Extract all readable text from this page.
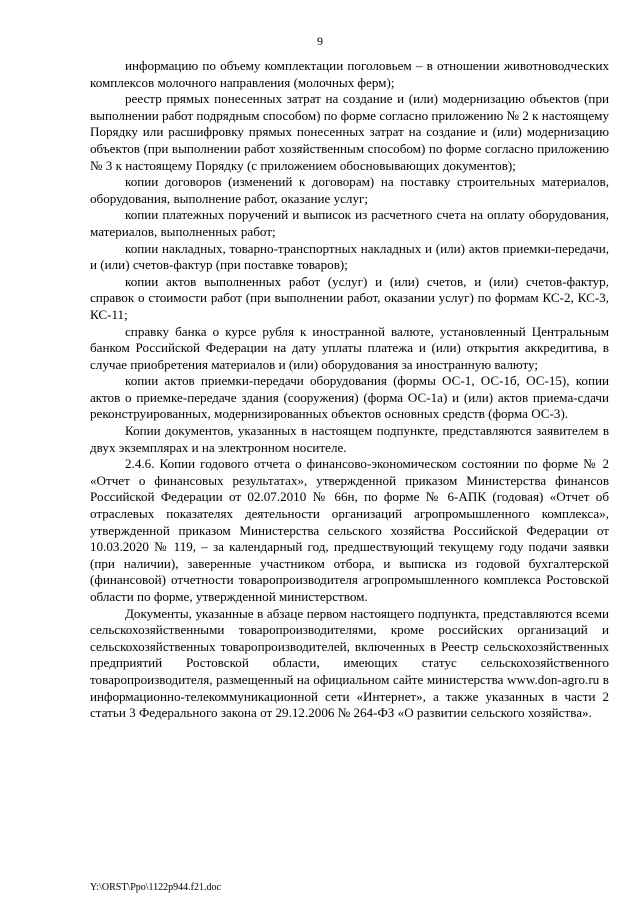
9

информацию по объему комплектации поголовьем – в отношении животноводческих комплексов молочного направления (молочных ферм);

реестр прямых понесенных затрат на создание и (или) модернизацию объектов (при выполнении работ подрядным способом) по форме согласно приложению № 2 к настоящему Порядку или расшифровку прямых понесенных затрат на создание и (или) модернизацию объектов (при выполнении работ хозяйственным способом) по форме согласно приложению № 3 к настоящему Порядку (с приложением обосновывающих документов);

копии договоров (изменений к договорам) на поставку строительных материалов, оборудования, выполнение работ, оказание услуг;

копии платежных поручений и выписок из расчетного счета на оплату оборудования, материалов, выполненных работ;

копии накладных, товарно-транспортных накладных и (или) актов приемки-передачи, и (или) счетов-фактур (при поставке товаров);

копии актов выполненных работ (услуг) и (или) счетов, и (или) счетов-фактур, справок о стоимости работ (при выполнении работ, оказании услуг) по формам КС-2, КС-3, КС-11;

справку банка о курсе рубля к иностранной валюте, установленный Центральным банком Российской Федерации на дату уплаты платежа и (или) открытия аккредитива, в случае приобретения материалов и (или) оборудования за иностранную валюту;

копии актов приемки-передачи оборудования (формы ОС-1, ОС-1б, ОС-15), копии актов о приемке-передаче здания (сооружения) (форма ОС-1а) и (или) актов приема-сдачи реконструированных, модернизированных объектов основных средств (форма ОС-3).

Копии документов, указанных в настоящем подпункте, представляются заявителем в двух экземплярах и на электронном носителе.

2.4.6. Копии годового отчета о финансово-экономическом состоянии по форме № 2 «Отчет о финансовых результатах», утвержденной приказом Министерства финансов Российской Федерации от 02.07.2010 № 66н, по форме № 6-АПК (годовая) «Отчет об отраслевых показателях деятельности организаций агропромышленного комплекса», утвержденной приказом Министерства сельского хозяйства Российской Федерации от 10.03.2020 № 119, – за календарный год, предшествующий текущему году подачи заявки (при наличии), заверенные участником отбора, и выписка из годовой бухгалтерской (финансовой) отчетности товаропроизводителя агропромышленного комплекса Ростовской области по форме, утвержденной министерством.

Документы, указанные в абзаце первом настоящего подпункта, представляются всеми сельскохозяйственными товаропроизводителями, кроме российских организаций и сельскохозяйственных товаропроизводителей, включенных в Реестр сельскохозяйственных предприятий Ростовской области, имеющих статус сельскохозяйственного товаропроизводителя, размещенный на официальном сайте министерства www.don-agro.ru в информационно-телекоммуникационной сети «Интернет», а также указанных в части 2 статьи 3 Федерального закона от 29.12.2006 № 264-ФЗ «О развитии сельского хозяйства».

Y:\ORST\Ppo\1122p944.f21.doc
